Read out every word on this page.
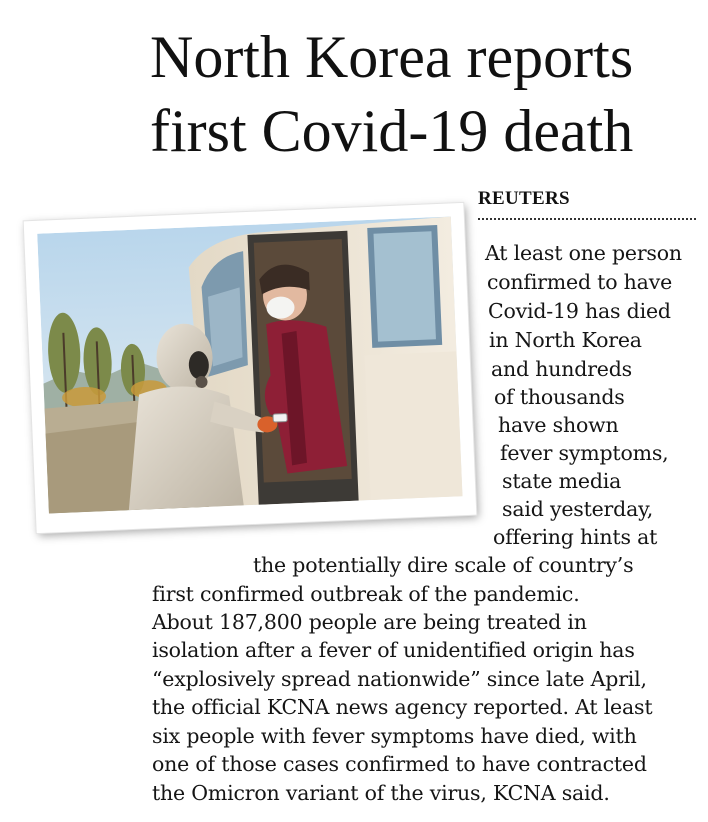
North Korea reports
first Covid-19 death
REUTERS
At least one person
confirmed to have
Covid-19 has died
in North Korea
and hundreds
of thousands
have shown
fever symptoms,
state media
said yesterday,
offering hints at
the potentially dire scale of country’s
first confirmed outbreak of the pandemic.
About 187,800 people are being treated in
isolation after a fever of unidentified origin has
“explosively spread nationwide” since late April,
the official KCNA news agency reported. At least
six people with fever symptoms have died, with
one of those cases confirmed to have contracted
the Omicron variant of the virus, KCNA said.
